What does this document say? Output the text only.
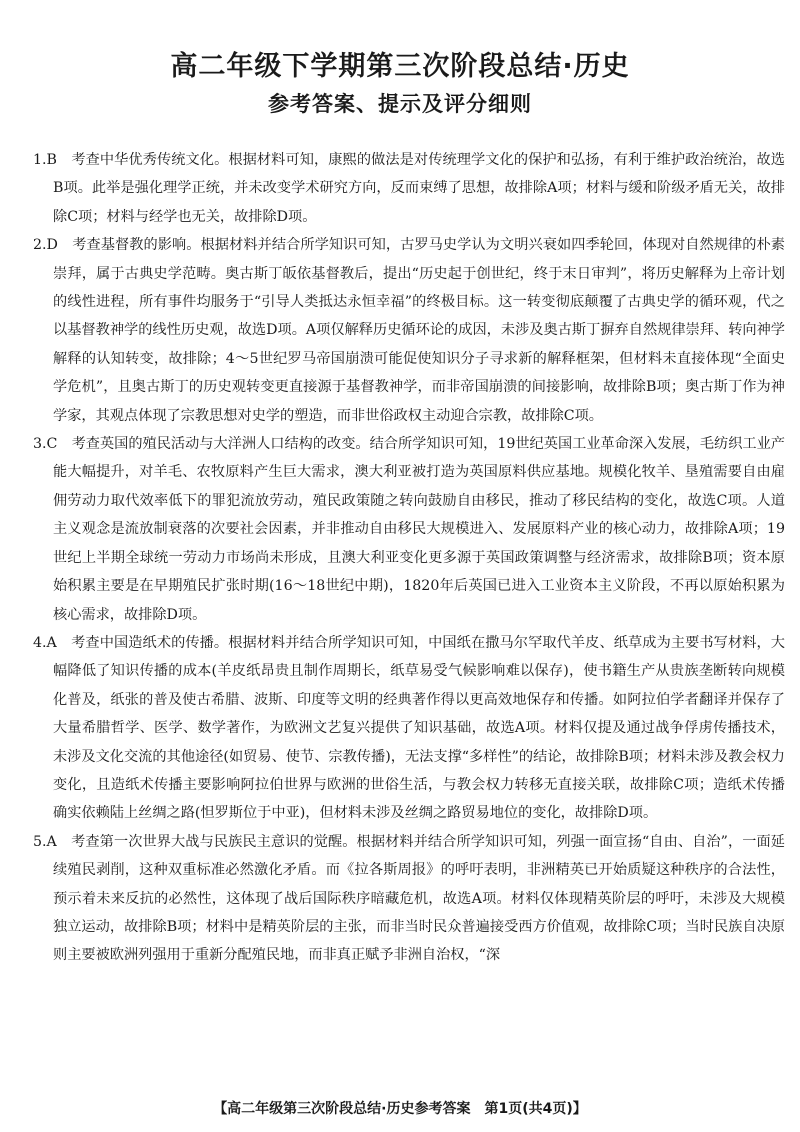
高二年级下学期第三次阶段总结·历史
参考答案、提示及评分细则

1.B　考查中华优秀传统文化。根据材料可知，康熙的做法是对传统理学文化的保护和弘扬，有利于维护政治统治，故选B项。此举是强化理学正统，并未改变学术研究方向，反而束缚了思想，故排除A项；材料与缓和阶级矛盾无关，故排除C项；材料与经学也无关，故排除D项。

2.D　考查基督教的影响。根据材料并结合所学知识可知，古罗马史学认为文明兴衰如四季轮回，体现对自然规律的朴素崇拜，属于古典史学范畴。奥古斯丁皈依基督教后，提出“历史起于创世纪，终于末日审判”，将历史解释为上帝计划的线性进程，所有事件均服务于“引导人类抵达永恒幸福”的终极目标。这一转变彻底颠覆了古典史学的循环观，代之以基督教神学的线性历史观，故选D项。A项仅解释历史循环论的成因，未涉及奥古斯丁摒弃自然规律崇拜、转向神学解释的认知转变，故排除；4～5世纪罗马帝国崩溃可能促使知识分子寻求新的解释框架，但材料未直接体现“全面史学危机”，且奥古斯丁的历史观转变更直接源于基督教神学，而非帝国崩溃的间接影响，故排除B项；奥古斯丁作为神学家，其观点体现了宗教思想对史学的塑造，而非世俗政权主动迎合宗教，故排除C项。

3.C　考查英国的殖民活动与大洋洲人口结构的改变。结合所学知识可知，19世纪英国工业革命深入发展，毛纺织工业产能大幅提升，对羊毛、农牧原料产生巨大需求，澳大利亚被打造为英国原料供应基地。规模化牧羊、垦殖需要自由雇佣劳动力取代效率低下的罪犯流放劳动，殖民政策随之转向鼓励自由移民，推动了移民结构的变化，故选C项。人道主义观念是流放制衰落的次要社会因素，并非推动自由移民大规模进入、发展原料产业的核心动力，故排除A项；19世纪上半期全球统一劳动力市场尚未形成，且澳大利亚变化更多源于英国政策调整与经济需求，故排除B项；资本原始积累主要是在早期殖民扩张时期(16～18世纪中期)，1820年后英国已进入工业资本主义阶段，不再以原始积累为核心需求，故排除D项。

4.A　考查中国造纸术的传播。根据材料并结合所学知识可知，中国纸在撒马尔罕取代羊皮、纸草成为主要书写材料，大幅降低了知识传播的成本(羊皮纸昂贵且制作周期长，纸草易受气候影响难以保存)，使书籍生产从贵族垄断转向规模化普及，纸张的普及使古希腊、波斯、印度等文明的经典著作得以更高效地保存和传播。如阿拉伯学者翻译并保存了大量希腊哲学、医学、数学著作，为欧洲文艺复兴提供了知识基础，故选A项。材料仅提及通过战争俘虏传播技术，未涉及文化交流的其他途径(如贸易、使节、宗教传播)，无法支撑“多样性”的结论，故排除B项；材料未涉及教会权力变化，且造纸术传播主要影响阿拉伯世界与欧洲的世俗生活，与教会权力转移无直接关联，故排除C项；造纸术传播确实依赖陆上丝绸之路(怛罗斯位于中亚)，但材料未涉及丝绸之路贸易地位的变化，故排除D项。

5.A　考查第一次世界大战与民族民主意识的觉醒。根据材料并结合所学知识可知，列强一面宣扬“自由、自治”，一面延续殖民剥削，这种双重标准必然激化矛盾。而《拉各斯周报》的呼吁表明，非洲精英已开始质疑这种秩序的合法性，预示着未来反抗的必然性，这体现了战后国际秩序暗藏危机，故选A项。材料仅体现精英阶层的呼吁，未涉及大规模独立运动，故排除B项；材料中是精英阶层的主张，而非当时民众普遍接受西方价值观，故排除C项；当时民族自决原则主要被欧洲列强用于重新分配殖民地，而非真正赋予非洲自治权，“深

【高二年级第三次阶段总结·历史参考答案　第1页(共4页)】
